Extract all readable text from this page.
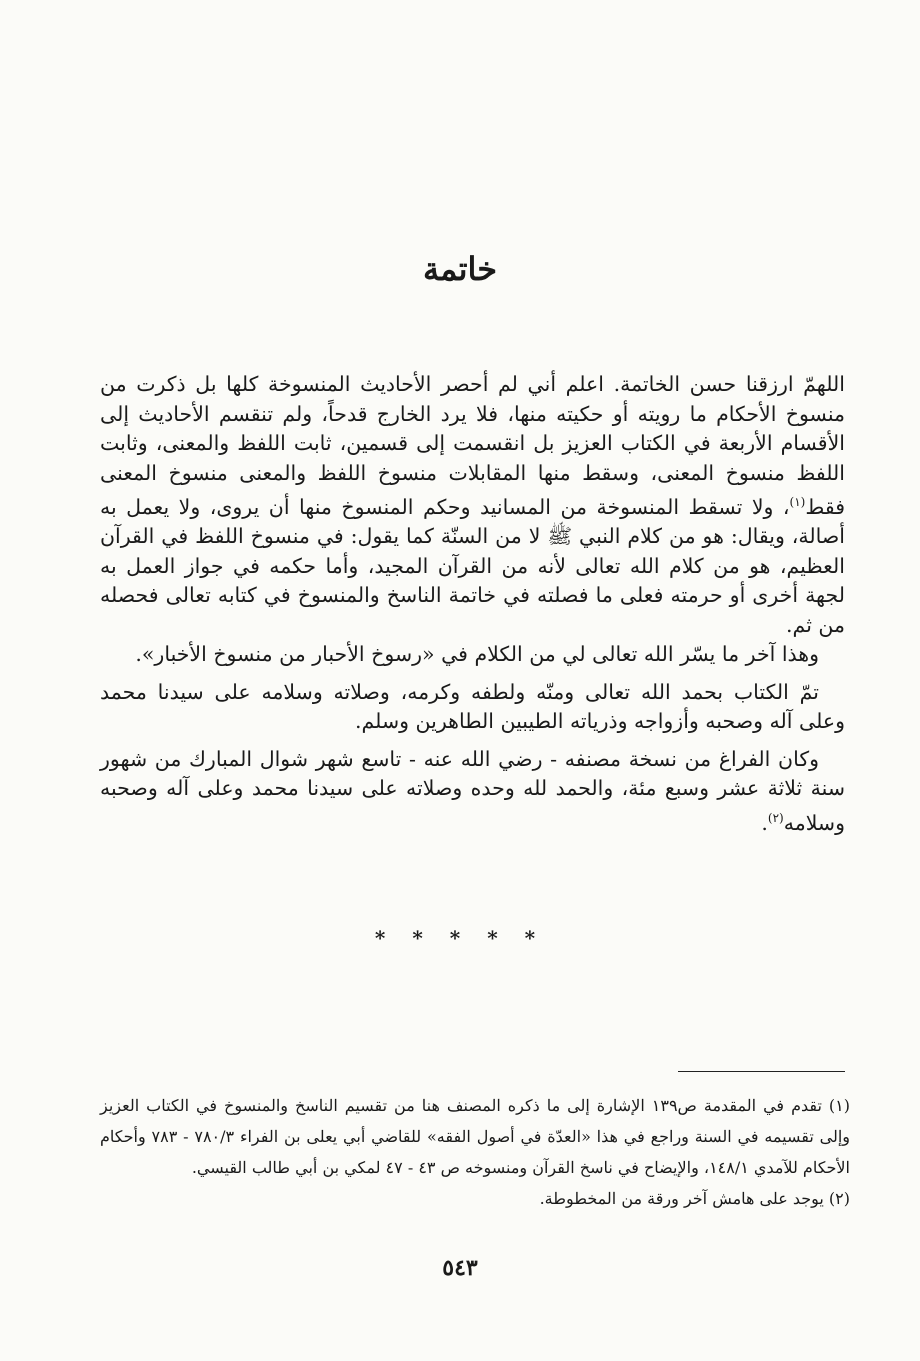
خاتمة

اللهمّ ارزقنا حسن الخاتمة. اعلم أني لم أحصر الأحاديث المنسوخة كلها بل ذكرت من منسوخ الأحكام ما رويته أو حكيته منها، فلا يرد الخارج قدحاً، ولم تنقسم الأحاديث إلى الأقسام الأربعة في الكتاب العزيز بل انقسمت إلى قسمين، ثابت اللفظ والمعنى، وثابت اللفظ منسوخ المعنى، وسقط منها المقابلات منسوخ اللفظ والمعنى منسوخ المعنى فقط$^{(١)}$، ولا تسقط المنسوخة من المسانيد وحكم المنسوخ منها أن يروى، ولا يعمل به أصالة، ويقال: هو من كلام النبي ﷺ لا من السنّة كما يقول: في منسوخ اللفظ في القرآن العظيم، هو من كلام الله تعالى لأنه من القرآن المجيد، وأما حكمه في جواز العمل به لجهة أخرى أو حرمته فعلى ما فصلته في خاتمة الناسخ والمنسوخ في كتابه تعالى فحصله من ثم.

وهذا آخر ما يسّر الله تعالى لي من الكلام في «رسوخ الأحبار من منسوخ الأخبار».

تمّ الكتاب بحمد الله تعالى ومنّه ولطفه وكرمه، وصلاته وسلامه على سيدنا محمد وعلى آله وصحبه وأزواجه وذرياته الطيبين الطاهرين وسلم.

وكان الفراغ من نسخة مصنفه - رضي الله عنه - تاسع شهر شوال المبارك من شهور سنة ثلاثة عشر وسبع مئة، والحمد لله وحده وصلاته على سيدنا محمد وعلى آله وصحبه وسلامه$^{(٢)}$.

* * * * *

(١) تقدم في المقدمة ص١٣٩ الإشارة إلى ما ذكره المصنف هنا من تقسيم الناسخ والمنسوخ في الكتاب العزيز وإلى تقسيمه في السنة وراجع في هذا «العدّة في أصول الفقه» للقاضي أبي يعلى بن الفراء ٧٨٠/٣ - ٧٨٣ وأحكام الأحكام للآمدي ١٤٨/١، والإيضاح في ناسخ القرآن ومنسوخه ص ٤٣ - ٤٧ لمكي بن أبي طالب القيسي.

(٢) يوجد على هامش آخر ورقة من المخطوطة.

٥٤٣
